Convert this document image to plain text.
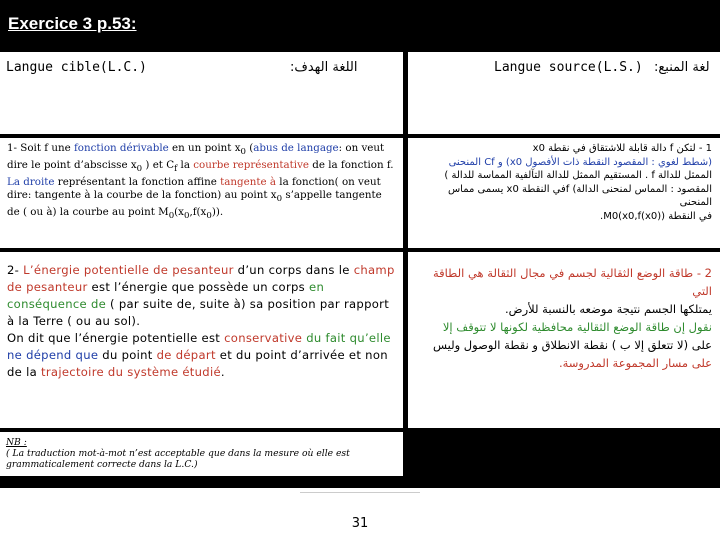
Exercice 3 p.53:
Langue cible(L.C.)	اللغة الهدف:	Langue source(L.S.) لغة المنبع:
1- Soit f une fonction dérivable en un point $x_0$ (abus de langage: on veut dire le point d’abscisse $x_0$ ) et $C_f$ la courbe représentative de la fonction f. La droite représentant la fonction affine tangente à la fonction( on veut dire: tangente à la courbe de la fonction) au point $x_0$ s’appelle tangente de ( ou à) la courbe au point $M_0(x_0,f(x_0))$.
1 - لتكن f دالة قابلة للاشتقاق في نقطة x0
(شطط لغوي : المقصود النقطة ذات الأفصول x0) و Cf المنحنى
الممثل للدالة f . المستقيم الممثل للدالة التآلفية المماسة للدالة )
المقصود : المماس لمنحنى الدالة) fفي النقطة x0 يسمى مماس المنحنى
في النقطة M0(x0,f(x0)).
2- L’énergie potentielle de pesanteur d’un corps dans le champ de pesanteur est l’énergie que possède un corps en conséquence de ( par suite de, suite à) sa position par rapport à la Terre ( ou au sol).
On dit que l’énergie potentielle est conservative du fait qu’elle ne dépend que du point de départ et du point d’arrivée et non de la trajectoire du système étudié.
2 - طاقة الوضع الثقالية لجسم في مجال الثقالة هي الطاقة التي
يمتلكها الجسم نتيجة موضعه بالنسبة للأرض.
نقول إن طاقة الوضع الثقالية محافظية لكونها لا تتوقف إلا
على (لا تتعلق إلا ب ) نقطة الانطلاق و نقطة الوصول وليس
على مسار المجموعة المدروسة.
NB :
( La traduction mot-à-mot n’est acceptable que dans la mesure où elle est grammaticalement correcte dans la L.C.)
31
